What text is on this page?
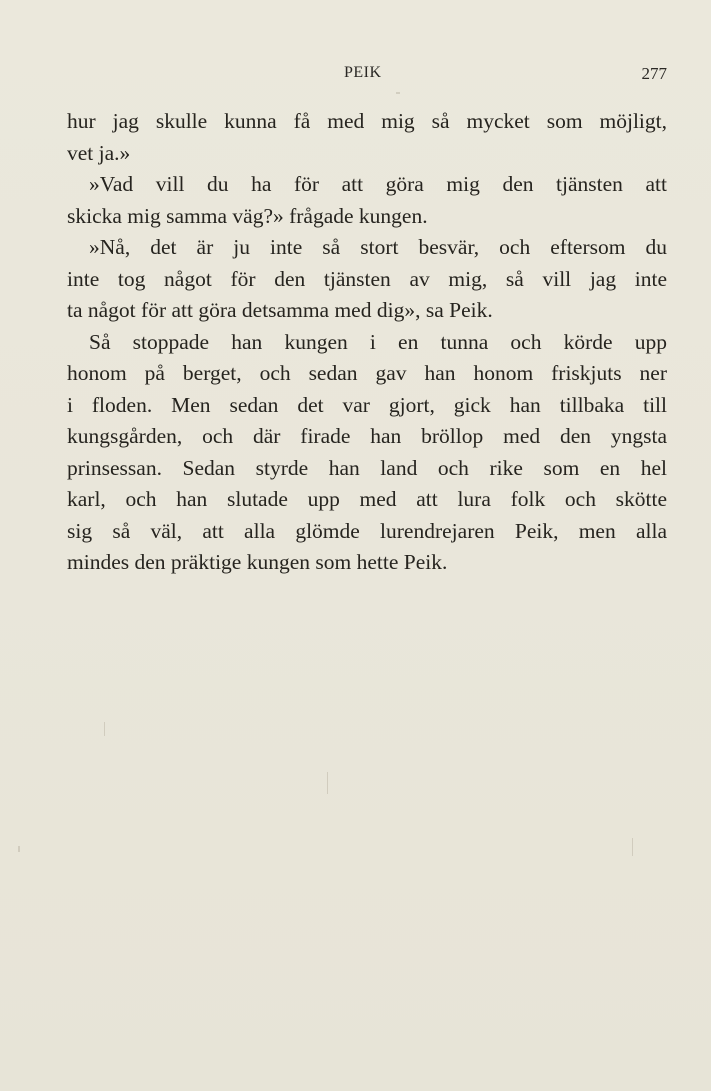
PEIK	277
hur jag skulle kunna få med mig så mycket som möjligt,
vet ja.»
»Vad vill du ha för att göra mig den tjänsten att
skicka mig samma väg?» frågade kungen.
»Nå, det är ju inte så stort besvär, och eftersom du
inte tog något för den tjänsten av mig, så vill jag inte
ta något för att göra detsamma med dig», sa Peik.
Så stoppade han kungen i en tunna och körde upp
honom på berget, och sedan gav han honom friskjuts ner
i floden. Men sedan det var gjort, gick han tillbaka till
kungsgården, och där firade han bröllop med den yngsta
prinsessan. Sedan styrde han land och rike som en hel
karl, och han slutade upp med att lura folk och skötte
sig så väl, att alla glömde lurendrejaren Peik, men alla
mindes den präktige kungen som hette Peik.
